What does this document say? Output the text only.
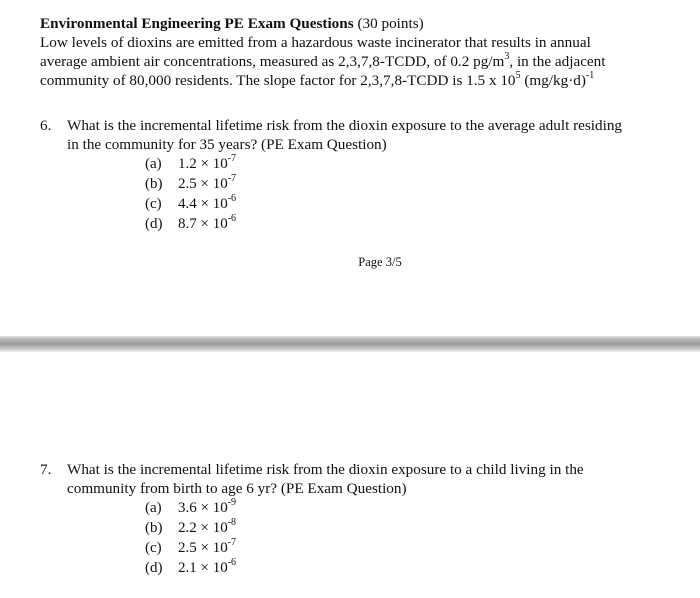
Environmental Engineering PE Exam Questions (30 points)
Low levels of dioxins are emitted from a hazardous waste incinerator that results in annual
average ambient air concentrations, measured as 2,3,7,8-TCDD, of 0.2 $pg/m^3$, in the adjacent
community of 80,000 residents. The slope factor for 2,3,7,8-TCDD is 1.5 x $10^5$ $(mg/kg\cdot d)^{-1}$
6. What is the incremental lifetime risk from the dioxin exposure to the average adult residing
in the community for 35 years? (PE Exam Question)
(a) $1.2 \times 10^{-7}$
(b) $2.5 \times 10^{-7}$
(c) $4.4 \times 10^{-6}$
(d) $8.7 \times 10^{-6}$
Page 3/5
7. What is the incremental lifetime risk from the dioxin exposure to a child living in the
community from birth to age 6 yr? (PE Exam Question)
(a) $3.6 \times 10^{-9}$
(b) $2.2 \times 10^{-8}$
(c) $2.5 \times 10^{-7}$
(d) $2.1 \times 10^{-6}$
